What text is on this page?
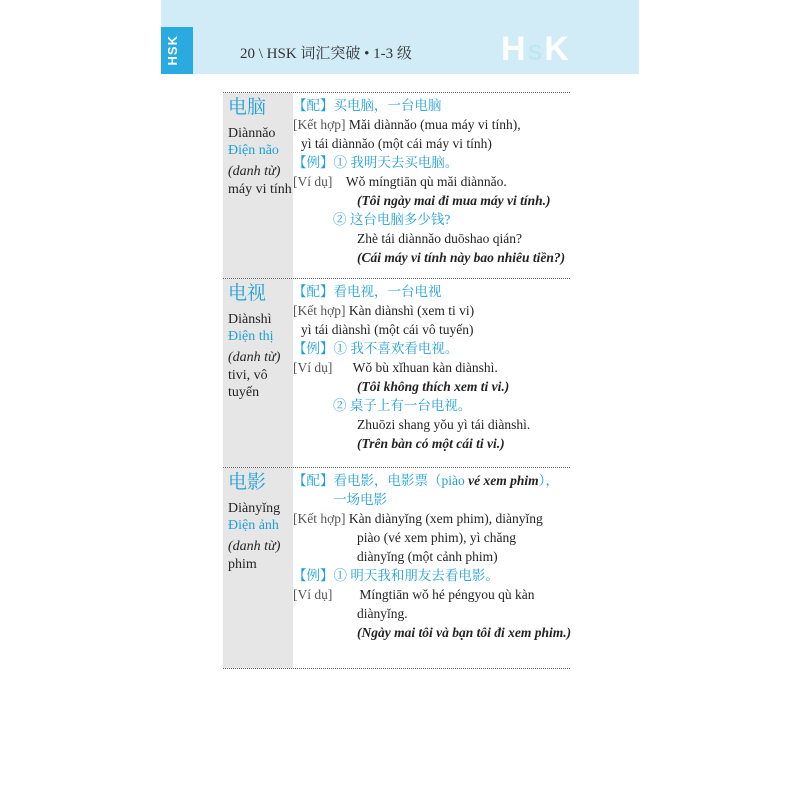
HSK	20 \ HSK 词汇突破 • 1-3 级	HSK
电脑
Diànnǎo
Điện não
(danh từ)
máy vi tính
【配】买电脑，一台电脑
[Kết hợp] Mǎi diànnǎo (mua máy vi tính),
yì tái diànnǎo (một cái máy vi tính)
【例】① 我明天去买电脑。
[Ví dụ] Wǒ míngtiān qù mǎi diànnǎo.
(Tôi ngày mai đi mua máy vi tính.)
② 这台电脑多少钱?
Zhè tái diànnǎo duōshao qián?
(Cái máy vi tính này bao nhiêu tiền?)
电视
Diànshì
Điện thị
(danh từ)
tivi, vô tuyến
【配】看电视，一台电视
[Kết hợp] Kàn diànshì (xem ti vi)
yì tái diànshì (một cái vô tuyến)
【例】① 我不喜欢看电视。
[Ví dụ] Wǒ bù xǐhuan kàn diànshì.
(Tôi không thích xem ti vi.)
② 桌子上有一台电视。
Zhuōzi shang yǒu yì tái diànshì.
(Trên bàn có một cái ti vi.)
电影
Diànyǐng
Điện ảnh
(danh từ)
phim
【配】看电影，电影票（piào vé xem phim），
一场电影
[Kết hợp] Kàn diànyǐng (xem phim), diànyǐng
piào (vé xem phim), yì chǎng
diànyǐng (một cảnh phim)
【例】① 明天我和朋友去看电影。
[Ví dụ] Míngtiān wǒ hé péngyou qù kàn
diànyǐng.
(Ngày mai tôi và bạn tôi đi xem phim.)
